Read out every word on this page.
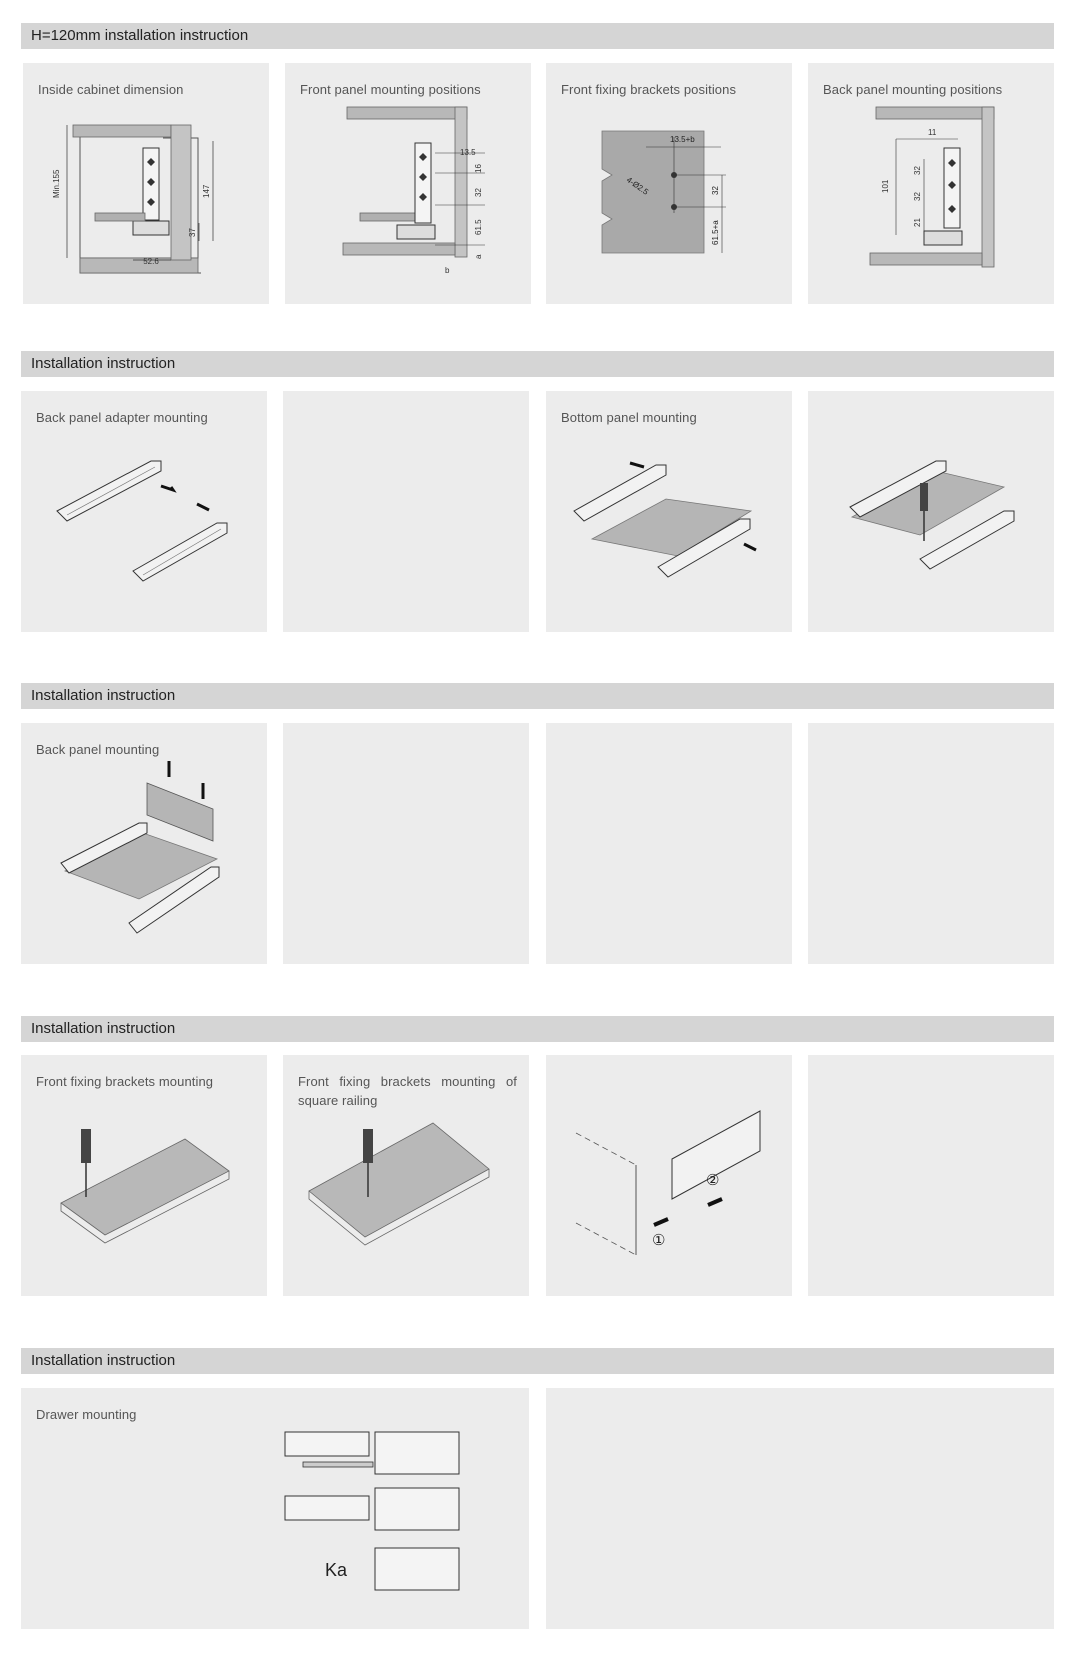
H=120mm installation instruction
Inside cabinet dimension
Min.155	147
37
52.6
Front panel mounting positions
13.5
16
32
61.5
a
b
Front fixing brackets positions
13.5+b
4-Ø2.5	32
61.5+a
Back panel mounting positions
11
101
32
32
21
Installation instruction
Back panel adapter mounting	Bottom panel mounting
Installation instruction
Back panel mounting
Installation instruction
Front fixing brackets mounting	Front fixing brackets mounting of square railing
①
②
Installation instruction
Drawer mounting
Ka
